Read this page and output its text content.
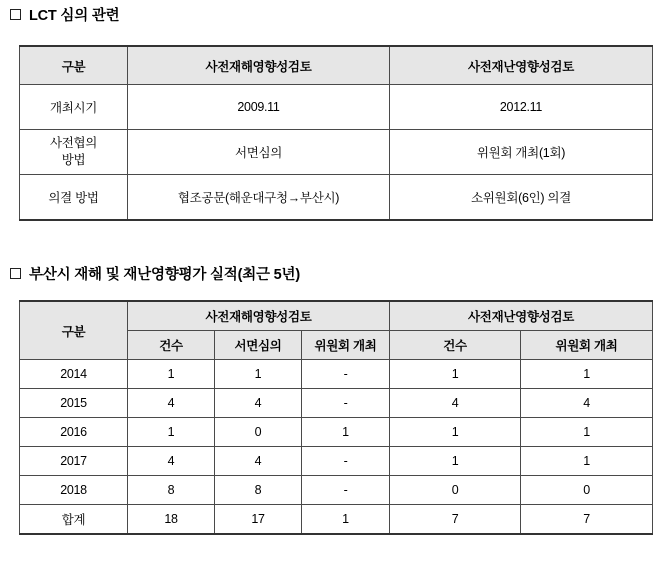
LCT 심의 관련
구분	사전재해영향성검토	사전재난영향성검토
개최시기	2009.11	2012.11

사전협의
방법	서면심의	위원회 개최(1회)
의결 방법	협조공문(해운대구청→부산시)	소위원회(6인) 의결
부산시 재해 및 재난영향평가 실적(최근 5년)
구분	사전재해영향성검토			사전재난영향성검토	
	건수	서면심의	위원회 개최	건수	위원회 개최
2014	1	1	-	1	1
2015	4	4	-	4	4
2016	1	0	1	1	1
2017	4	4	-	1	1
2018	8	8	-	0	0
합계	18	17	1	7	7
